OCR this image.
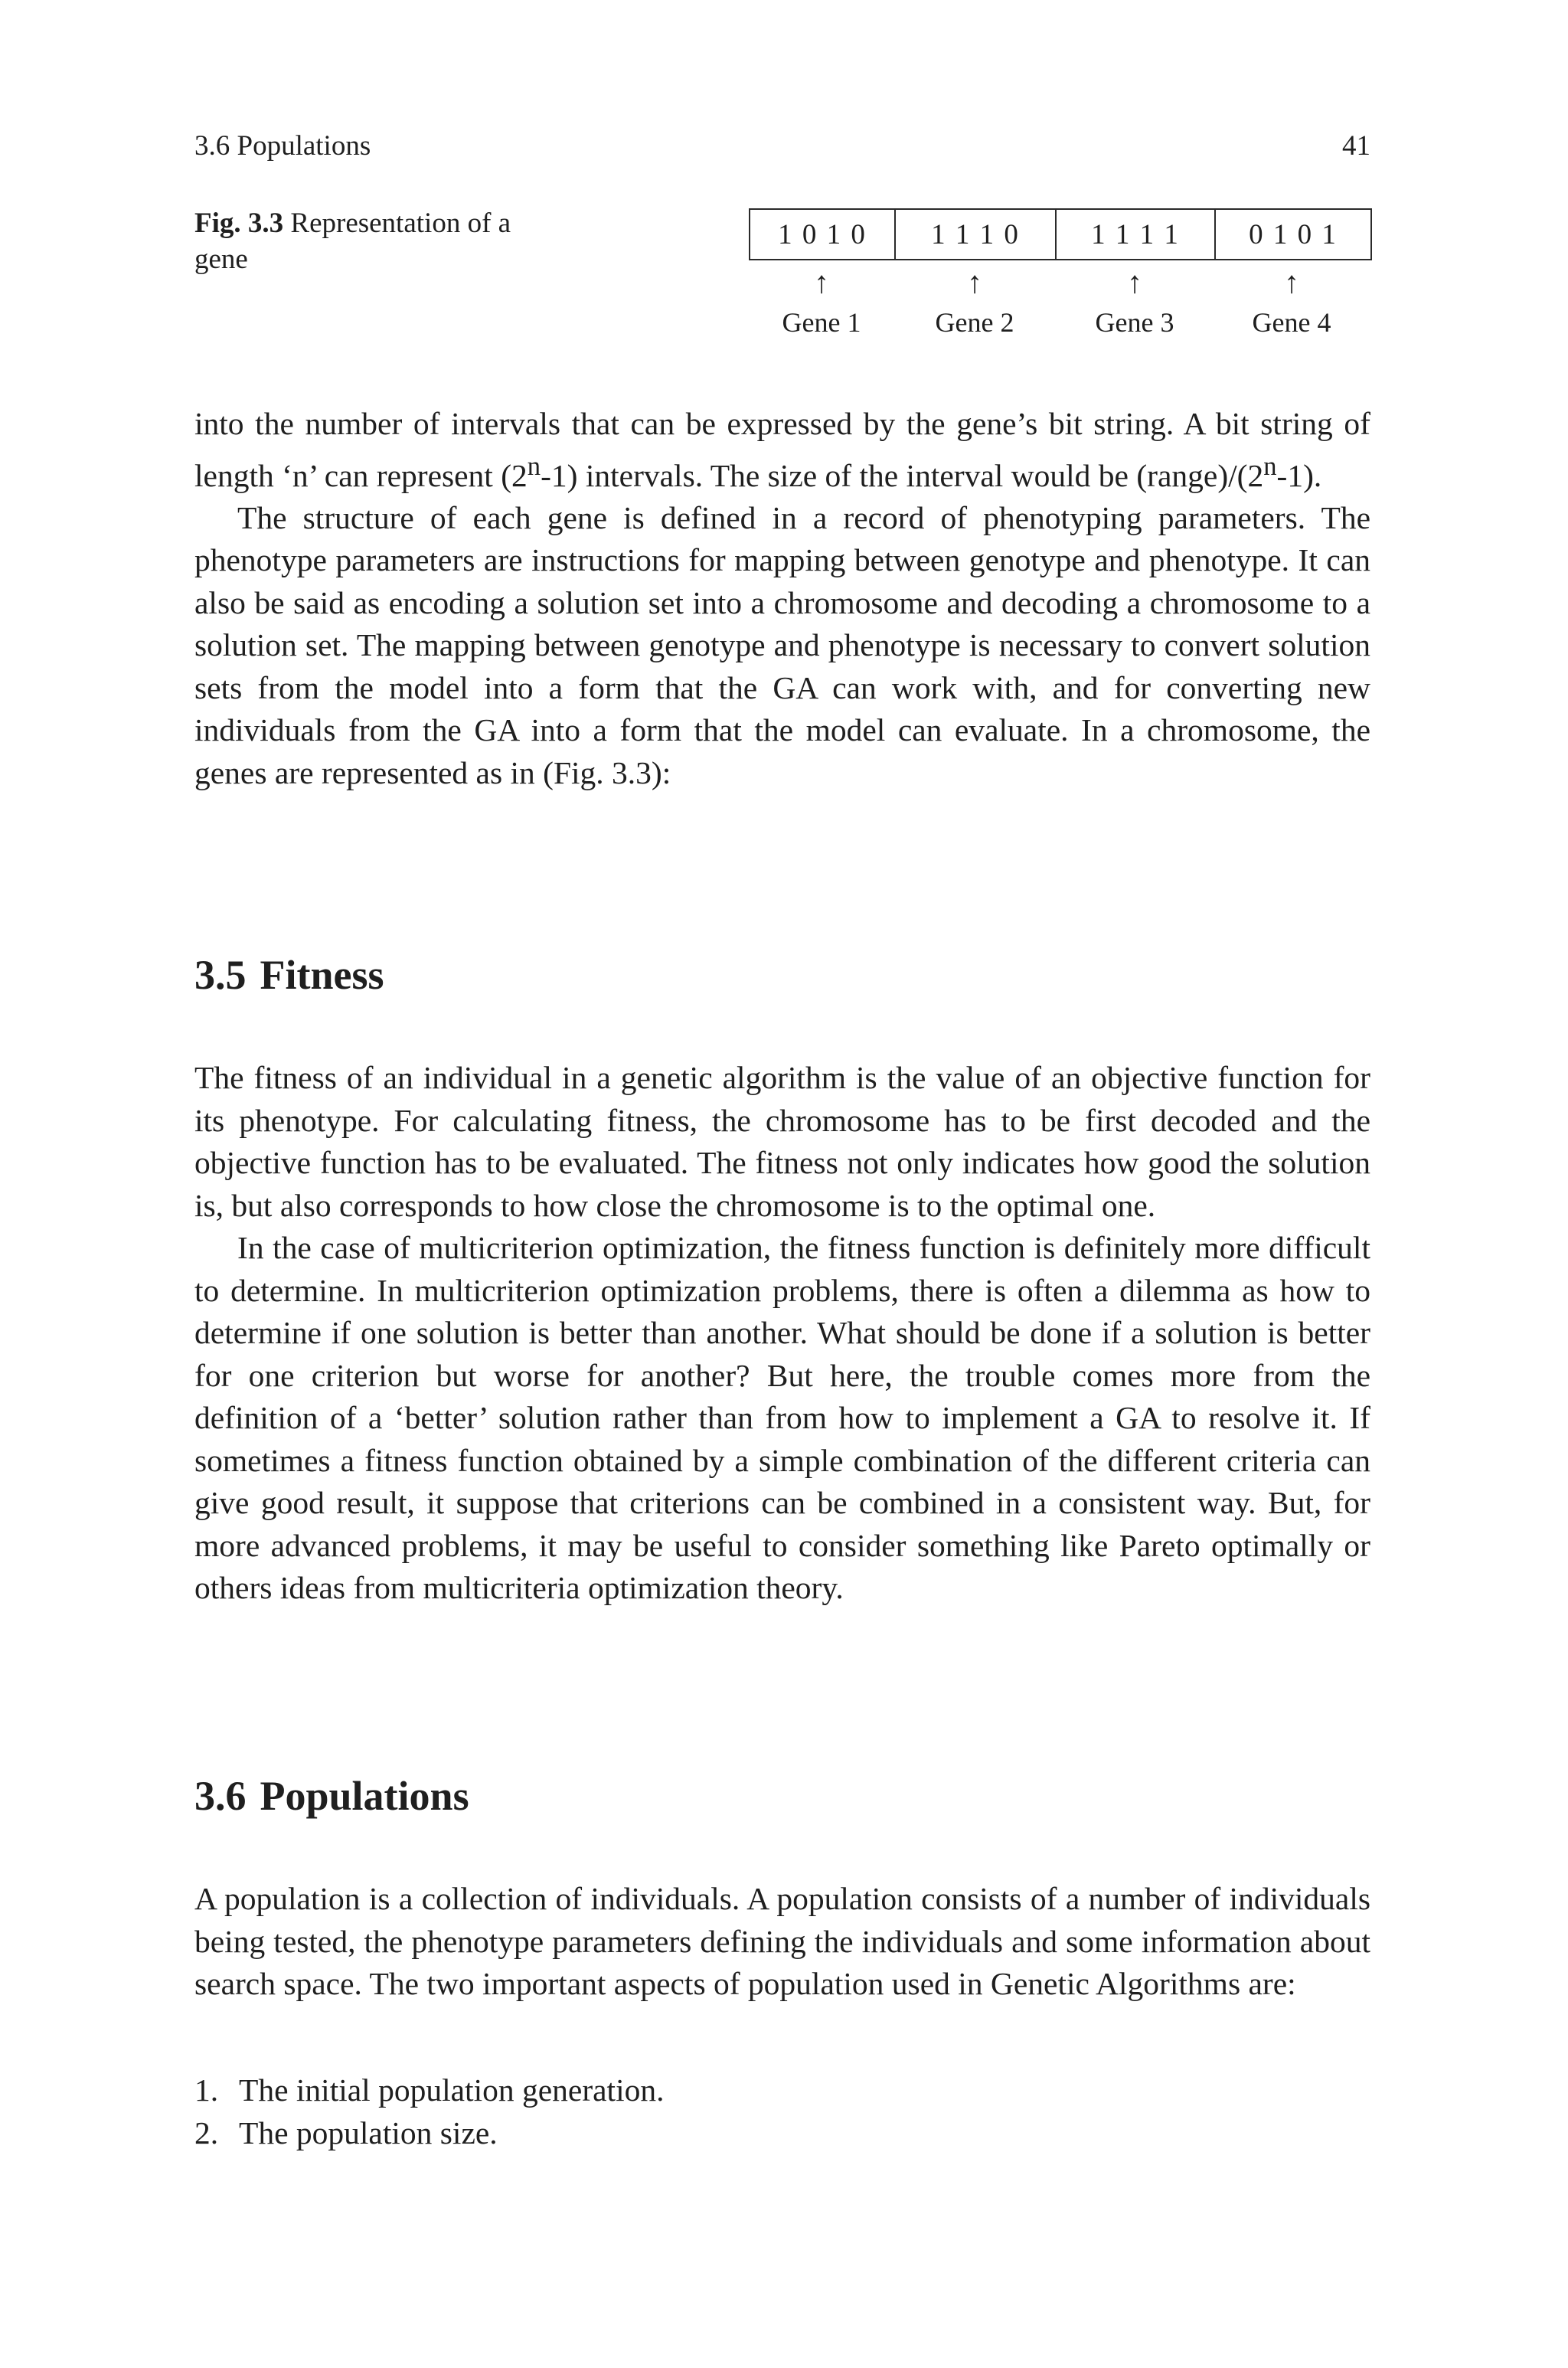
3.6 Populations	41
Fig. 3.3 Representation of a gene
1 0 1 0	1 1 1 0	1 1 1 1	0 1 0 1
↑	↑	↑	↑
Gene 1	Gene 2	Gene 3	Gene 4

into the number of intervals that can be expressed by the gene’s bit string. A bit string of length ‘n’ can represent (2$^n$-1) intervals. The size of the interval would be (range)/(2$^n$-1).

The structure of each gene is defined in a record of phenotyping parameters. The phenotype parameters are instructions for mapping between genotype and phenotype. It can also be said as encoding a solution set into a chromosome and decoding a chromosome to a solution set. The mapping between genotype and phenotype is necessary to convert solution sets from the model into a form that the GA can work with, and for converting new individuals from the GA into a form that the model can evaluate. In a chromosome, the genes are represented as in (Fig. 3.3):

3.5 Fitness

The fitness of an individual in a genetic algorithm is the value of an objective function for its phenotype. For calculating fitness, the chromosome has to be first decoded and the objective function has to be evaluated. The fitness not only indicates how good the solution is, but also corresponds to how close the chromosome is to the optimal one.

In the case of multicriterion optimization, the fitness function is definitely more difficult to determine. In multicriterion optimization problems, there is often a dilemma as how to determine if one solution is better than another. What should be done if a solution is better for one criterion but worse for another? But here, the trouble comes more from the definition of a ‘better’ solution rather than from how to implement a GA to resolve it. If sometimes a fitness function obtained by a simple combination of the different criteria can give good result, it suppose that criterions can be combined in a consistent way. But, for more advanced problems, it may be useful to consider something like Pareto optimally or others ideas from multicriteria optimization theory.

3.6 Populations

A population is a collection of individuals. A population consists of a number of individuals being tested, the phenotype parameters defining the individuals and some information about search space. The two important aspects of population used in Genetic Algorithms are:

1. The initial population generation.
2. The population size.
